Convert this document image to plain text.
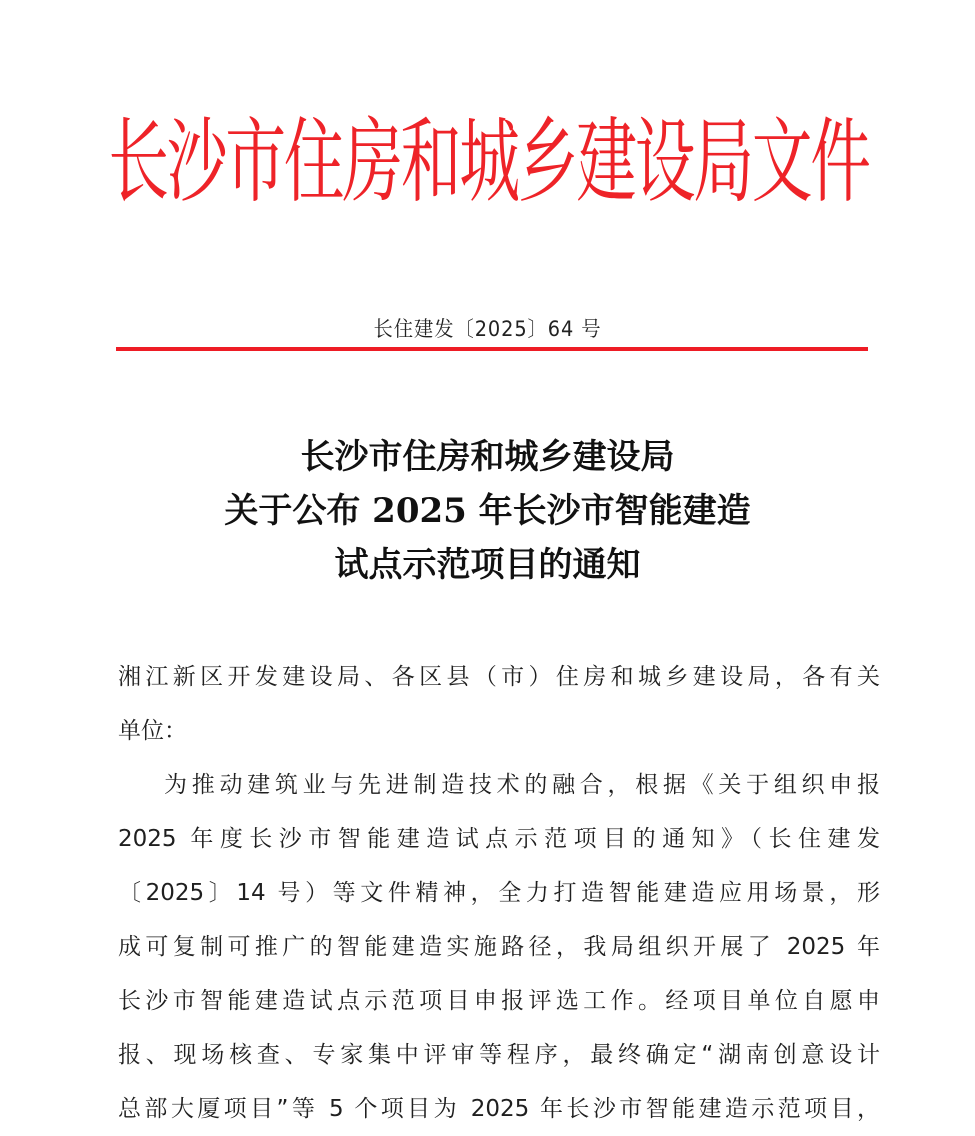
长沙市住房和城乡建设局文件
长住建发〔2025〕64 号
长沙市住房和城乡建设局
关于公布 2025 年长沙市智能建造
试点示范项目的通知
湘江新区开发建设局、各区县（市）住房和城乡建设局，各有关
单位：
为推动建筑业与先进制造技术的融合，根据《关于组织申报
2025 年度长沙市智能建造试点示范项目的通知》（长住建发
〔2025〕14 号）等文件精神，全力打造智能建造应用场景，形
成可复制可推广的智能建造实施路径，我局组织开展了 2025 年
长沙市智能建造试点示范项目申报评选工作。经项目单位自愿申
报、现场核查、专家集中评审等程序，最终确定“湖南创意设计
总部大厦项目”等 5 个项目为 2025 年长沙市智能建造示范项目，
